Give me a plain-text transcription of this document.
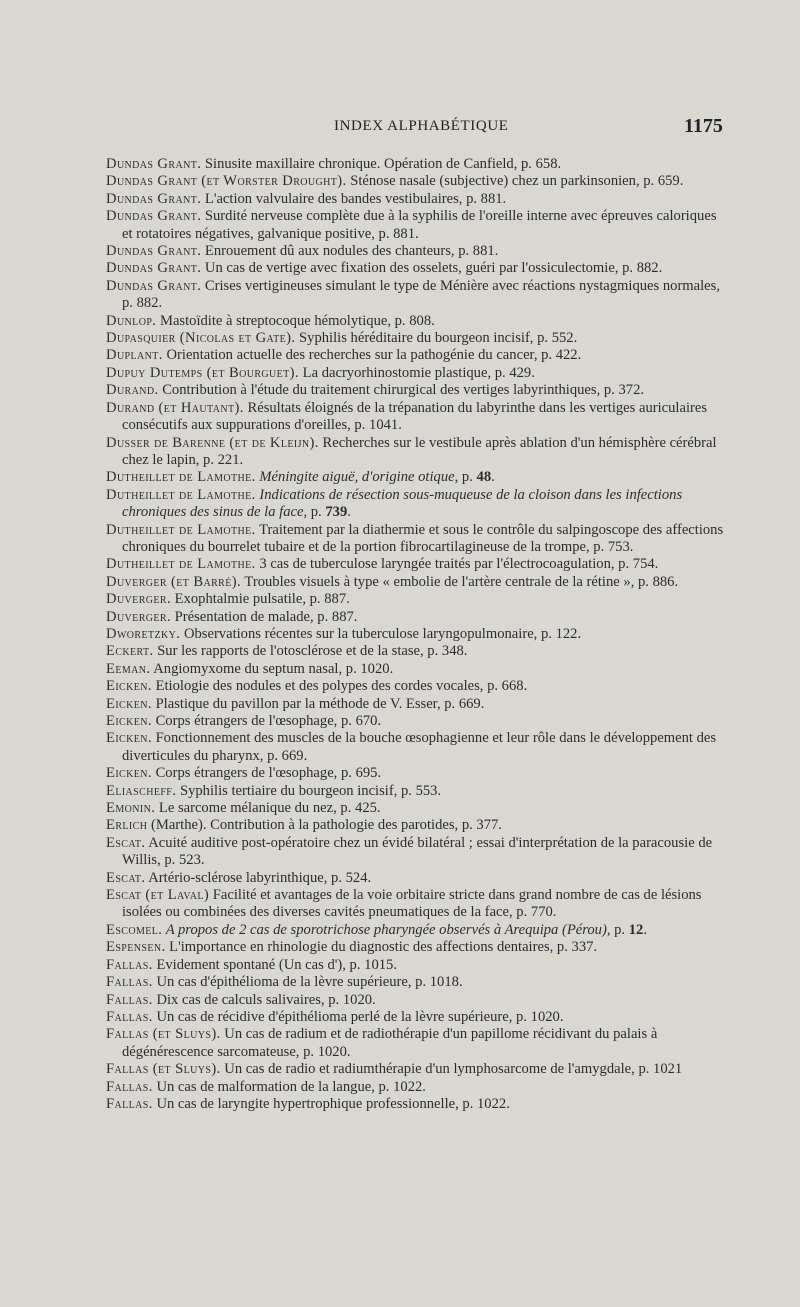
INDEX ALPHABÉTIQUE	1175

Dundas Grant. Sinusite maxillaire chronique. Opération de Canfield, p. 658.

Dundas Grant (et Worster Drought). Sténose nasale (subjective) chez un parkinsonien, p. 659.

Dundas Grant. L'action valvulaire des bandes vestibulaires, p. 881.

Dundas Grant. Surdité nerveuse complète due à la syphilis de l'oreille interne avec épreuves caloriques et rotatoires négatives, galvanique positive, p. 881.

Dundas Grant. Enrouement dû aux nodules des chanteurs, p. 881.

Dundas Grant. Un cas de vertige avec fixation des osselets, guéri par l'ossiculectomie, p. 882.

Dundas Grant. Crises vertigineuses simulant le type de Ménière avec réactions nystagmiques normales, p. 882.

Dunlop. Mastoïdite à streptocoque hémolytique, p. 808.

Dupasquier (Nicolas et Gate). Syphilis héréditaire du bourgeon incisif, p. 552.

Duplant. Orientation actuelle des recherches sur la pathogénie du cancer, p. 422.

Dupuy Dutemps (et Bourguet). La dacryorhinostomie plastique, p. 429.

Durand. Contribution à l'étude du traitement chirurgical des vertiges labyrinthiques, p. 372.

Durand (et Hautant). Résultats éloignés de la trépanation du labyrinthe dans les vertiges auriculaires consécutifs aux suppurations d'oreilles, p. 1041.

Dusser de Barenne (et de Kleijn). Recherches sur le vestibule après ablation d'un hémisphère cérébral chez le lapin, p. 221.

Dutheillet de Lamothe. Méningite aiguë, d'origine otique, p. 48.

Dutheillet de Lamothe. Indications de résection sous-muqueuse de la cloison dans les infections chroniques des sinus de la face, p. 739.

Dutheillet de Lamothe. Traitement par la diathermie et sous le contrôle du salpingoscope des affections chroniques du bourrelet tubaire et de la portion fibrocartilagineuse de la trompe, p. 753.

Dutheillet de Lamothe. 3 cas de tuberculose laryngée traités par l'électrocoagulation, p. 754.

Duverger (et Barré). Troubles visuels à type « embolie de l'artère centrale de la rétine », p. 886.

Duverger. Exophtalmie pulsatile, p. 887.

Duverger. Présentation de malade, p. 887.

Dworetzky. Observations récentes sur la tuberculose laryngopulmonaire, p. 122.

Eckert. Sur les rapports de l'otosclérose et de la stase, p. 348.

Eeman. Angiomyxome du septum nasal, p. 1020.

Eicken. Etiologie des nodules et des polypes des cordes vocales, p. 668.

Eicken. Plastique du pavillon par la méthode de V. Esser, p. 669.

Eicken. Corps étrangers de l'œsophage, p. 670.

Eicken. Fonctionnement des muscles de la bouche œsophagienne et leur rôle dans le développement des diverticules du pharynx, p. 669.

Eicken. Corps étrangers de l'œsophage, p. 695.

Eliascheff. Syphilis tertiaire du bourgeon incisif, p. 553.

Emonin. Le sarcome mélanique du nez, p. 425.

Erlich (Marthe). Contribution à la pathologie des parotides, p. 377.

Escat. Acuité auditive post-opératoire chez un évidé bilatéral ; essai d'interprétation de la paracousie de Willis, p. 523.

Escat. Artério-sclérose labyrinthique, p. 524.

Escat (et Laval) Facilité et avantages de la voie orbitaire stricte dans grand nombre de cas de lésions isolées ou combinées des diverses cavités pneumatiques de la face, p. 770.

Escomel. A propos de 2 cas de sporotrichose pharyngée observés à Arequipa (Pérou), p. 12.

Espensen. L'importance en rhinologie du diagnostic des affections dentaires, p. 337.

Fallas. Evidement spontané (Un cas d'), p. 1015.

Fallas. Un cas d'épithélioma de la lèvre supérieure, p. 1018.

Fallas. Dix cas de calculs salivaires, p. 1020.

Fallas. Un cas de récidive d'épithélioma perlé de la lèvre supérieure, p. 1020.

Fallas (et Sluys). Un cas de radium et de radiothérapie d'un papillome récidivant du palais à dégénérescence sarcomateuse, p. 1020.

Fallas (et Sluys). Un cas de radio et radiumthérapie d'un lymphosarcome de l'amygdale, p. 1021

Fallas. Un cas de malformation de la langue, p. 1022.

Fallas. Un cas de laryngite hypertrophique professionnelle, p. 1022.
